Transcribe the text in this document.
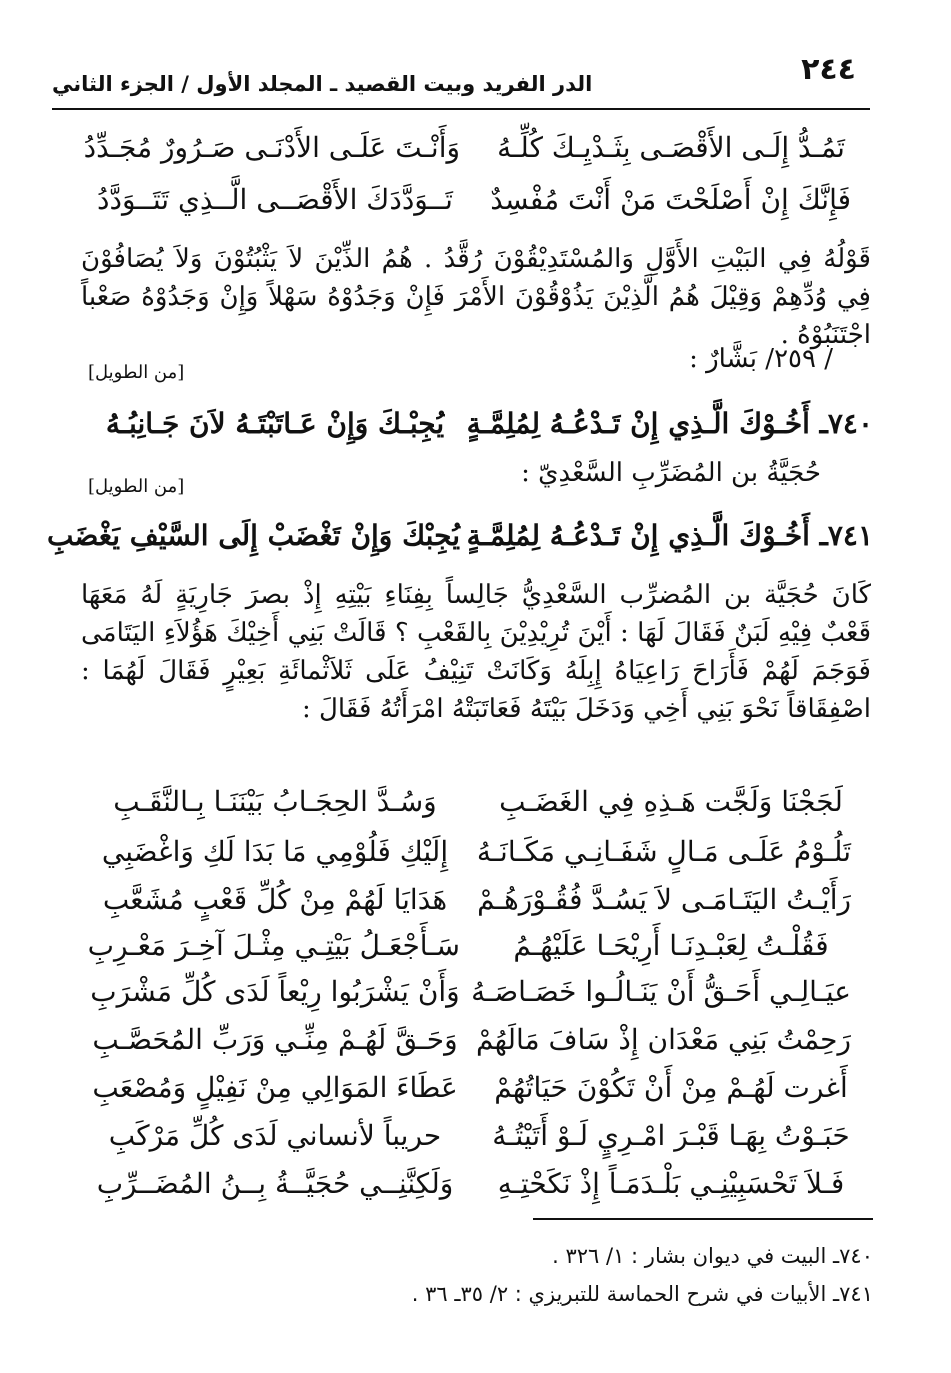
٢٤٤
الدر الفريد وبيت القصيد ـ المجلد الأول / الجزء الثاني
تَمُـدُّ إِلَـى الأَقْصَـى بِثَـدْيِـكَ كُلِّـهُ
وَأَنْـتَ عَلَـى الأَدْنَـى صَـرُورٌ مُجَـدِّدُ
فَإِنَّكَ إِنْ أَصْلَحْتَ مَنْ أَنْتَ مُفْسِدٌ
تَــوَدَّدَكَ الأَقْصَــى الَّــذِي تَتَــوَدَّدُ

قَوْلُهُ فِي البَيْتِ الأَوَّلِ وَالمُسْتَدِيْقُوْنَ رُقَّدُ . هُمُ الذِّيْنَ لاَ يَثْبُتُوْنَ وَلاَ يُصَافُوْنَ فِي وُدِّهِمْ وَقِيْلَ هُمُ الَّذِيْنَ يَذُوْقُوْنَ الأَمْرَ فَإِنْ وَجَدُوْهُ سَهْلاً وَإِنْ وَجَدُوْهُ صَعْباً اجْتَنَبُوْهُ .

/ ٢٥٩/ بَشَّارٌ :
[من الطويل]
٧٤٠ـ أَخُـوْكَ الَّـذِي إِنْ تَـدْعُـهُ لِمُلِمَّـةٍ
يُجِبْـكَ وَإِنْ عَـاتَبْتَـهُ لاَنَ جَـانِبُـهُ
حُجَيَّةُ بن المُضَرِّبِ السَّعْدِيّ :
[من الطويل]
٧٤١ـ أَخُـوْكَ الَّـذِي إِنْ تَـدْعُـهُ لِمُلِمَّـةٍ
يُجِبْكَ وَإِنْ تَغْضَبْ إِلَى السَّيْفِ يَغْضَبِ

كَانَ حُجَيَّة بن المُضرِّب السَّعْدِيُّ جَالِساً بِفِنَاءِ بَيْتِهِ إِذْ بصرَ جَارِيَةٍ لَهُ مَعَهَا قَعْبٌ فِيْهِ لَبَنٌ فَقَالَ لَهَا : أَيْنَ تُرِيْدِيْنَ بِالقَعْبِ ؟ قَالَتْ بَنِي أَخِيْكَ هَؤُلاَءِ اليَتَامَى فَوَجَمَ لَهُمْ فَأَرَاحَ رَاعِيَاهُ إِبِلَهُ وَكَانَتْ تَنِيْفُ عَلَى ثَلاَثْمائَةِ بَعِيْرٍ فَقَالَ لَهُمَا : اصْفِقَاقاً نَحْوَ بَنِي أَخِي وَدَخَلَ بَيْتَهُ فَعَاتَبَتْهُ امْرَأَتُهُ فَقَالَ :

لَجَجْنَا وَلَجَّت هَـذِهِ فِي الغَضَـبِ
وَسُـدَّ الحِجَـابُ بَيْنَنَـا بِـالنَّقَـبِ
تَلُـوْمُ عَلَـى مَـالٍ شَفَـانِـي مَكَـانَـهُ
إِلَيْكِ فَلُوْمِي مَا بَدَا لَكِ وَاغْضَبِي
رَأَيْـتُ اليَتَـامَـى لاَ يَسُـدَّ فُقُـوْرَهُـمْ
هَدَايَا لَهُمْ مِنْ كُلِّ قَعْبٍ مُشَعَّبِ
فَقُلْـتُ لِعَبْـدِنَـا أَرِيْحَـا عَلَيْهُـمُ
سَـأَجْعَـلُ بَيْتِـي مِثْـلَ آخِـرَ مَعْـرِبِ
عيَـالِـي أَحَـقُّ أَنْ يَنَـالُـوا خَصَـاصَـهُ
وَأَنْ يَشْرَبُوا رِيْعاً لَدَى كُلِّ مَشْرَبِ
رَحِمْتُ بَنِي مَعْدَان إِذْ سَافَ مَالَهُمْ
وَحَـقَّ لَهُـمْ مِنِّـي وَرَبِّ المُحَصَّـبِ
أَغرت لَهُـمْ مِنْ أَنْ تَكُوْنَ حَيَاتُهُمْ
عَطَاءَ المَوَالِي مِنْ نَفِيْلٍ وَمُصْعَبِ
حَبَـوْتُ بِهَـا قَبْـرَ امْـرِيٍ لَـوْ أَتَيْتُـهُ
حريباً لأنساني لَدَى كُلِّ مَرْكَبِ
فَـلاَ تَحْسَبِيْنِـي بَلْـدَمَـاً إِذْ نَكَحْتِـهِ
وَلَكِنَّنِــي حُجَيَّــةُ بِــنُ المُضَــرِّبِ
٧٤٠ـ البيت في ديوان بشار : ١/ ٣٢٦ .
٧٤١ـ الأبيات في شرح الحماسة للتبريزي : ٢/ ٣٥ـ ٣٦ .
